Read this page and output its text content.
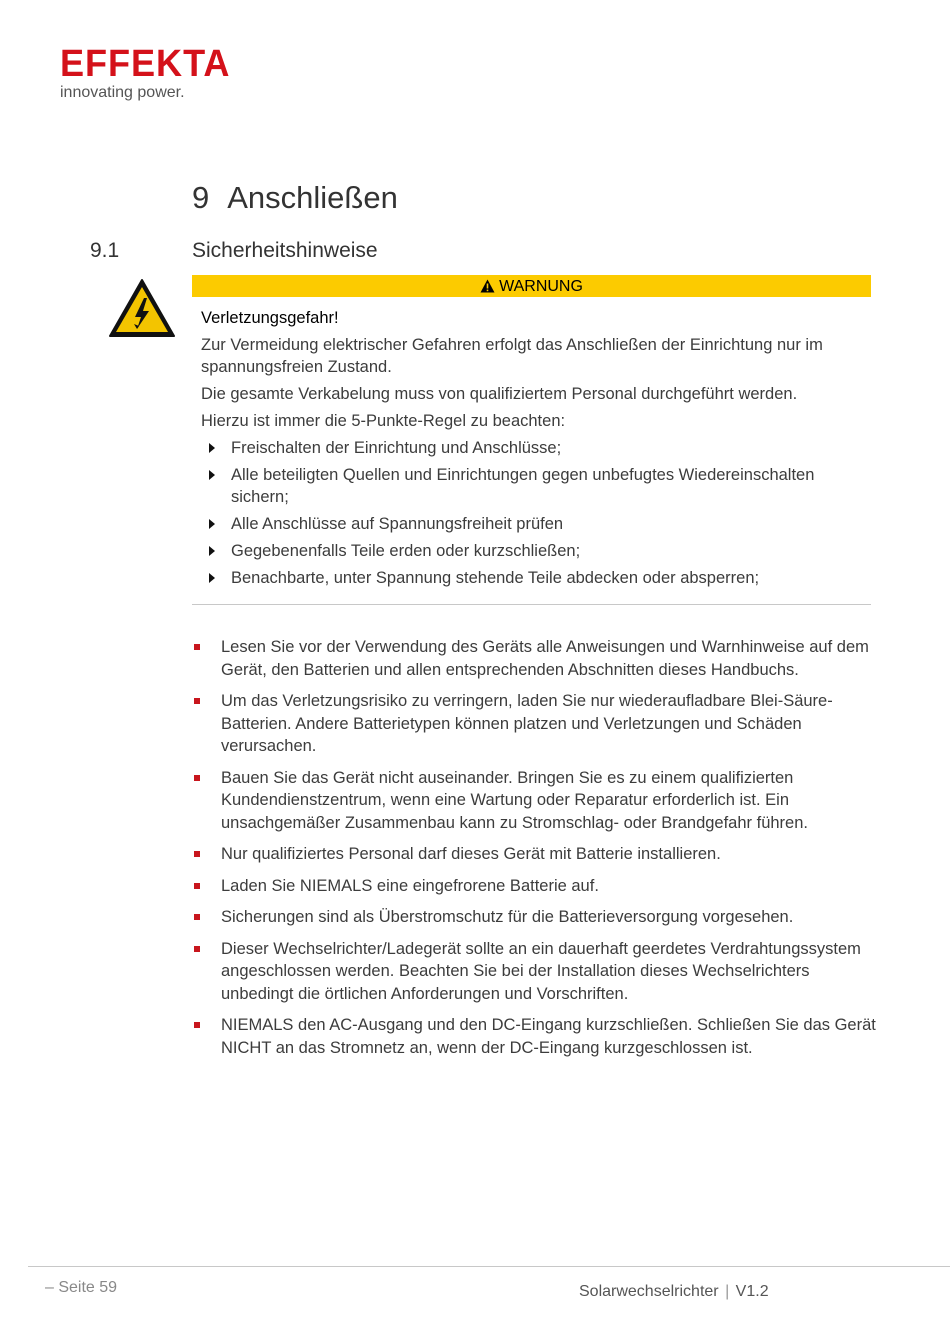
EFFEKTA
innovating power.
9 Anschließen
9.1	Sicherheitshinweise
WARNUNG

Verletzungsgefahr!

Zur Vermeidung elektrischer Gefahren erfolgt das Anschließen der Einrichtung nur im spannungsfreien Zustand.

Die gesamte Verkabelung muss von qualifiziertem Personal durchgeführt werden.

Hierzu ist immer die 5-Punkte-Regel zu beachten:

Freischalten der Einrichtung und Anschlüsse;
Alle beteiligten Quellen und Einrichtungen gegen unbefugtes Wiedereinschalten sichern;
Alle Anschlüsse auf Spannungsfreiheit prüfen
Gegebenenfalls Teile erden oder kurzschließen;
Benachbarte, unter Spannung stehende Teile abdecken oder absperren;
Lesen Sie vor der Verwendung des Geräts alle Anweisungen und Warnhinweise auf dem Gerät, den Batterien und allen entsprechenden Abschnitten dieses Handbuchs.
Um das Verletzungsrisiko zu verringern, laden Sie nur wiederaufladbare Blei-Säure-Batterien. Andere Batterietypen können platzen und Verletzungen und Schäden verursachen.
Bauen Sie das Gerät nicht auseinander. Bringen Sie es zu einem qualifizierten Kundendienstzentrum, wenn eine Wartung oder Reparatur erforderlich ist. Ein unsachgemäßer Zusammenbau kann zu Stromschlag- oder Brandgefahr führen.
Nur qualifiziertes Personal darf dieses Gerät mit Batterie installieren.
Laden Sie NIEMALS eine eingefrorene Batterie auf.
Sicherungen sind als Überstromschutz für die Batterieversorgung vorgesehen.
Dieser Wechselrichter/Ladegerät sollte an ein dauerhaft geerdetes Verdrahtungssystem angeschlossen werden. Beachten Sie bei der Installation dieses Wechselrichters unbedingt die örtlichen Anforderungen und Vorschriften.
NIEMALS den AC-Ausgang und den DC-Eingang kurzschließen. Schließen Sie das Gerät NICHT an das Stromnetz an, wenn der DC-Eingang kurzgeschlossen ist.
– Seite 59	Solarwechselrichter | V1.2
